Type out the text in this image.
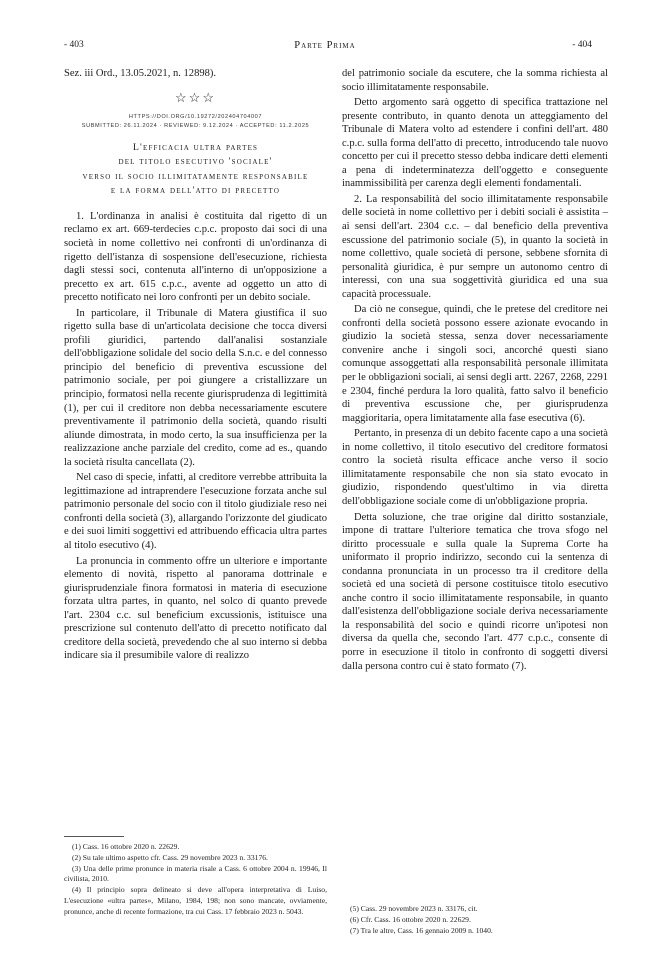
- 403	Parte Prima	- 404

Sez. iii Ord., 13.05.2021, n. 12898).

☆☆☆
HTTPS://DOI.ORG/10.19272/202404704007
SUBMITTED: 26.11.2024 · REVIEWED: 9.12.2024 · ACCEPTED: 11.2.2025
L'efficacia ultra partes
del titolo esecutivo 'sociale'
verso il socio illimitatamente responsabile
e la forma dell'atto di precetto

1. L'ordinanza in analisi è costituita dal rigetto di un reclamo ex art. 669-terdecies c.p.c. proposto dai soci di una società in nome collettivo nei confronti di un'ordinanza di rigetto dell'istanza di sospensione dell'esecuzione, richiesta dagli stessi soci, contenuta all'interno di un'opposizione a precetto ex art. 615 c.p.c., avente ad oggetto un atto di precetto notificato nei loro confronti per un debito sociale.

In particolare, il Tribunale di Matera giustifica il suo rigetto sulla base di un'articolata decisione che tocca diversi profili giuridici, partendo dall'analisi sostanziale dell'obbligazione solidale del socio della S.n.c. e del connesso principio del beneficio di preventiva escussione del patrimonio sociale, per poi giungere a cristallizzare un principio, formatosi nella recente giurisprudenza di legittimità (1), per cui il creditore non debba necessariamente escutere preventivamente il patrimonio della società, quando risulti aliunde dimostrata, in modo certo, la sua insufficienza per la realizzazione anche parziale del credito, come ad es., quando la società risulta cancellata (2).

Nel caso di specie, infatti, al creditore verrebbe attribuita la legittimazione ad intraprendere l'esecuzione forzata anche sul patrimonio personale del socio con il titolo giudiziale reso nei confronti della società (3), allargando l'orizzonte del giudicato e dei suoi limiti soggettivi ed attribuendo efficacia ultra partes al titolo esecutivo (4).

La pronuncia in commento offre un ulteriore e importante elemento di novità, rispetto al panorama dottrinale e giurisprudenziale finora formatosi in materia di esecuzione forzata ultra partes, in quanto, nel solco di quanto prevede l'art. 2304 c.c. sul beneficium excussionis, istituisce una prescrizione sul contenuto dell'atto di precetto notificato dal creditore della società, prevedendo che al suo interno si debba indicare sia il presumibile valore di realizzo

del patrimonio sociale da escutere, che la somma richiesta al socio illimitatamente responsabile.

Detto argomento sarà oggetto di specifica trattazione nel presente contributo, in quanto denota un atteggiamento del Tribunale di Matera volto ad estendere i confini dell'art. 480 c.p.c. sulla forma dell'atto di precetto, introducendo tale nuovo concetto per cui il precetto stesso debba indicare detti elementi a pena di indeterminatezza dell'oggetto e conseguente inammissibilità per carenza degli elementi fondamentali.

2. La responsabilità del socio illimitatamente responsabile delle società in nome collettivo per i debiti sociali è assistita – ai sensi dell'art. 2304 c.c. – dal beneficio della preventiva escussione del patrimonio sociale (5), in quanto la società in nome collettivo, quale società di persone, sebbene sfornita di personalità giuridica, è pur sempre un autonomo centro di interessi, con una sua soggettività giuridica ed una sua capacità processuale.

Da ciò ne consegue, quindi, che le pretese del creditore nei confronti della società possono essere azionate evocando in giudizio la società stessa, senza dover necessariamente convenire anche i singoli soci, ancorché questi siano comunque assoggettati alla responsabilità personale illimitata per le obbligazioni sociali, ai sensi degli artt. 2267, 2268, 2291 e 2304, finché perdura la loro qualità, fatto salvo il beneficio di preventiva escussione che, per giurisprudenza maggioritaria, opera limitatamente alla fase esecutiva (6).

Pertanto, in presenza di un debito facente capo a una società in nome collettivo, il titolo esecutivo del creditore formatosi contro la società risulta efficace anche verso il socio illimitatamente responsabile che non sia stato evocato in giudizio, rispondendo quest'ultimo in via diretta dell'obbligazione sociale come di un'obbligazione propria.

Detta soluzione, che trae origine dal diritto sostanziale, impone di trattare l'ulteriore tematica che trova sfogo nel diritto processuale e sulla quale la Suprema Corte ha uniformato il proprio indirizzo, secondo cui la sentenza di condanna pronunciata in un processo tra il creditore della società ed una società di persone costituisce titolo esecutivo anche contro il socio illimitatamente responsabile, in quanto dall'esistenza dell'obbligazione sociale deriva necessariamente la responsabilità del socio e quindi ricorre un'ipotesi non diversa da quella che, secondo l'art. 477 c.p.c., consente di porre in esecuzione il titolo in confronto di soggetti diversi dalla persona contro cui è stato formato (7).

(1) Cass. 16 ottobre 2020 n. 22629.
(2) Su tale ultimo aspetto cfr. Cass. 29 novembre 2023 n. 33176.
(3) Una delle prime pronunce in materia risale a Cass. 6 ottobre 2004 n. 19946, Il civilista, 2010.
(4) Il principio sopra delineato si deve all'opera interpretativa di Luiso, L'esecuzione «ultra partes», Milano, 1984, 198; non sono mancate, ovviamente, pronunce, anche di recente formazione, tra cui Cass. 17 febbraio 2023 n. 5043.	(5) Cass. 29 novembre 2023 n. 33176, cit.
(6) Cfr. Cass. 16 ottobre 2020 n. 22629.
(7) Tra le altre, Cass. 16 gennaio 2009 n. 1040.
